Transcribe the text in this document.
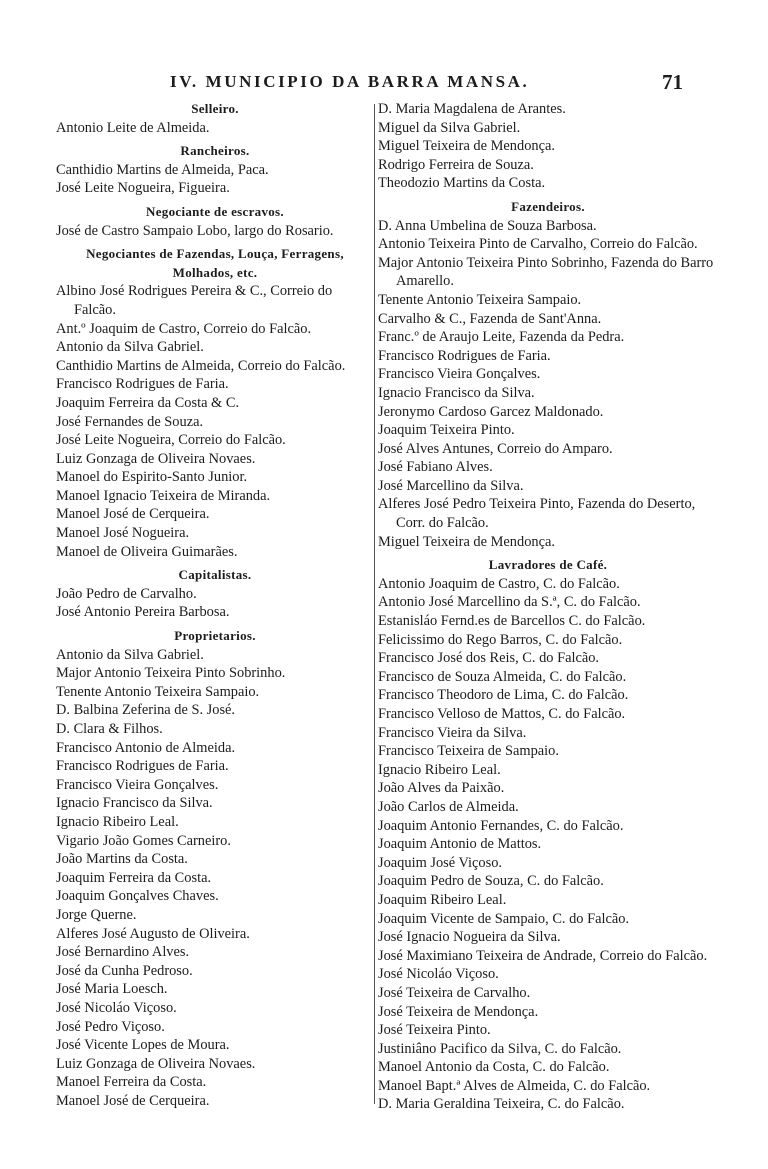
IV. MUNICIPIO DA BARRA MANSA.	71
Selleiro.
Antonio Leite de Almeida.
Rancheiros.
Canthidio Martins de Almeida, Paca.
José Leite Nogueira, Figueira.
Negociante de escravos.
José de Castro Sampaio Lobo, largo do Rosario.
Negociantes de Fazendas, Louça, Ferragens, Molhados, etc.
Albino José Rodrigues Pereira & C., Correio do Falcão.
Ant.º Joaquim de Castro, Correio do Falcão.
Antonio da Silva Gabriel.
Canthidio Martins de Almeida, Correio do Falcão.
Francisco Rodrigues de Faria.
Joaquim Ferreira da Costa & C.
José Fernandes de Souza.
José Leite Nogueira, Correio do Falcão.
Luiz Gonzaga de Oliveira Novaes.
Manoel do Espirito-Santo Junior.
Manoel Ignacio Teixeira de Miranda.
Manoel José de Cerqueira.
Manoel José Nogueira.
Manoel de Oliveira Guimarães.
Capitalistas.
João Pedro de Carvalho.
José Antonio Pereira Barbosa.
Proprietarios.
Antonio da Silva Gabriel.
Major Antonio Teixeira Pinto Sobrinho.
Tenente Antonio Teixeira Sampaio.
D. Balbina Zeferina de S. José.
D. Clara & Filhos.
Francisco Antonio de Almeida.
Francisco Rodrigues de Faria.
Francisco Vieira Gonçalves.
Ignacio Francisco da Silva.
Ignacio Ribeiro Leal.
Vigario João Gomes Carneiro.
João Martins da Costa.
Joaquim Ferreira da Costa.
Joaquim Gonçalves Chaves.
Jorge Querne.
Alferes José Augusto de Oliveira.
José Bernardino Alves.
José da Cunha Pedroso.
José Maria Loesch.
José Nicoláo Viçoso.
José Pedro Viçoso.
José Vicente Lopes de Moura.
Luiz Gonzaga de Oliveira Novaes.
Manoel Ferreira da Costa.
Manoel José de Cerqueira.
D. Maria Magdalena de Arantes.
Miguel da Silva Gabriel.
Miguel Teixeira de Mendonça.
Rodrigo Ferreira de Souza.
Theodozio Martins da Costa.
Fazendeiros.
D. Anna Umbelina de Souza Barbosa.
Antonio Teixeira Pinto de Carvalho, Correio do Falcão.
Major Antonio Teixeira Pinto Sobrinho, Fazenda do Barro Amarello.
Tenente Antonio Teixeira Sampaio.
Carvalho & C., Fazenda de Sant'Anna.
Franc.º de Araujo Leite, Fazenda da Pedra.
Francisco Rodrigues de Faria.
Francisco Vieira Gonçalves.
Ignacio Francisco da Silva.
Jeronymo Cardoso Garcez Maldonado.
Joaquim Teixeira Pinto.
José Alves Antunes, Correio do Amparo.
José Fabiano Alves.
José Marcellino da Silva.
Alferes José Pedro Teixeira Pinto, Fazenda do Deserto, Corr. do Falcão.
Miguel Teixeira de Mendonça.
Lavradores de Café.
Antonio Joaquim de Castro, C. do Falcão.
Antonio José Marcellino da S.ª, C. do Falcão.
Estanisláo Fernd.es de Barcellos C. do Falcão.
Felicissimo do Rego Barros, C. do Falcão.
Francisco José dos Reis, C. do Falcão.
Francisco de Souza Almeida, C. do Falcão.
Francisco Theodoro de Lima, C. do Falcão.
Francisco Velloso de Mattos, C. do Falcão.
Francisco Vieira da Silva.
Francisco Teixeira de Sampaio.
Ignacio Ribeiro Leal.
João Alves da Paixão.
João Carlos de Almeida.
Joaquim Antonio Fernandes, C. do Falcão.
Joaquim Antonio de Mattos.
Joaquim José Viçoso.
Joaquim Pedro de Souza, C. do Falcão.
Joaquim Ribeiro Leal.
Joaquim Vicente de Sampaio, C. do Falcão.
José Ignacio Nogueira da Silva.
José Maximiano Teixeira de Andrade, Correio do Falcão.
José Nicoláo Viçoso.
José Teixeira de Carvalho.
José Teixeira de Mendonça.
José Teixeira Pinto.
Justiniâno Pacifico da Silva, C. do Falcão.
Manoel Antonio da Costa, C. do Falcão.
Manoel Bapt.ª Alves de Almeida, C. do Falcão.
D. Maria Geraldina Teixeira, C. do Falcão.
